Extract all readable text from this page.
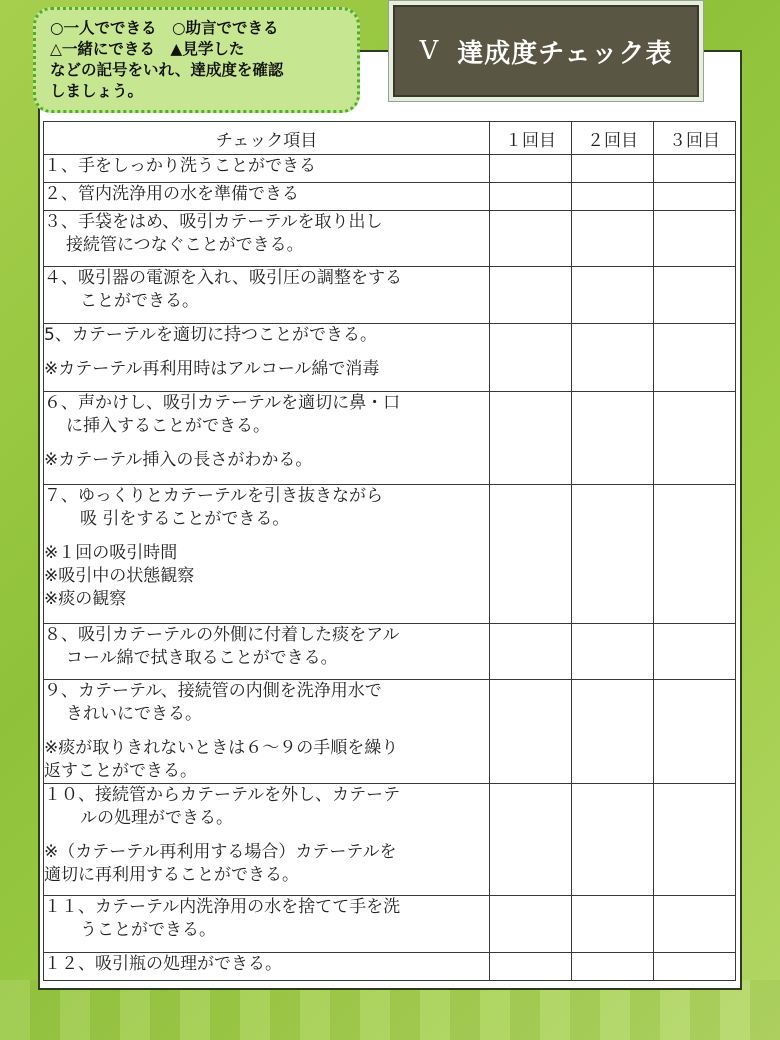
○一人でできる　○助言でできる
△一緒にできる　▲見学した
などの記号をいれ、達成度を確認
しましょう。
Ⅴ 達成度チェック表
チェック項目	１回目	２回目	３回目

１、手をしっかり洗うことができる			

２、管内洗浄用の水を準備できる			

３、手袋をはめ、吸引カテーテルを取り出し
接続管につなぐことができる。			

４、吸引器の電源を入れ、吸引圧の調整をする
ことができる。			

5、カテーテルを適切に持つことができる。
※カテーテル再利用時はアルコール綿で消毒			

６、声かけし、吸引カテーテルを適切に鼻・口
に挿入することができる。
※カテーテル挿入の長さがわかる。			

７、ゆっくりとカテーテルを引き抜きながら
吸 引をすることができる。
※１回の吸引時間
※吸引中の状態観察
※痰の観察			

８、吸引カテーテルの外側に付着した痰をアル
コール綿で拭き取ることができる。			

９、カテーテル、接続管の内側を洗浄用水で
きれいにできる。
※痰が取りきれないときは６～９の手順を繰り
返すことができる。			

１０、接続管からカテーテルを外し、カテーテ
ルの処理ができる。
※（カテーテル再利用する場合）カテーテルを
適切に再利用することができる。			

１１、カテーテル内洗浄用の水を捨てて手を洗
うことができる。			

１２、吸引瓶の処理ができる。			
